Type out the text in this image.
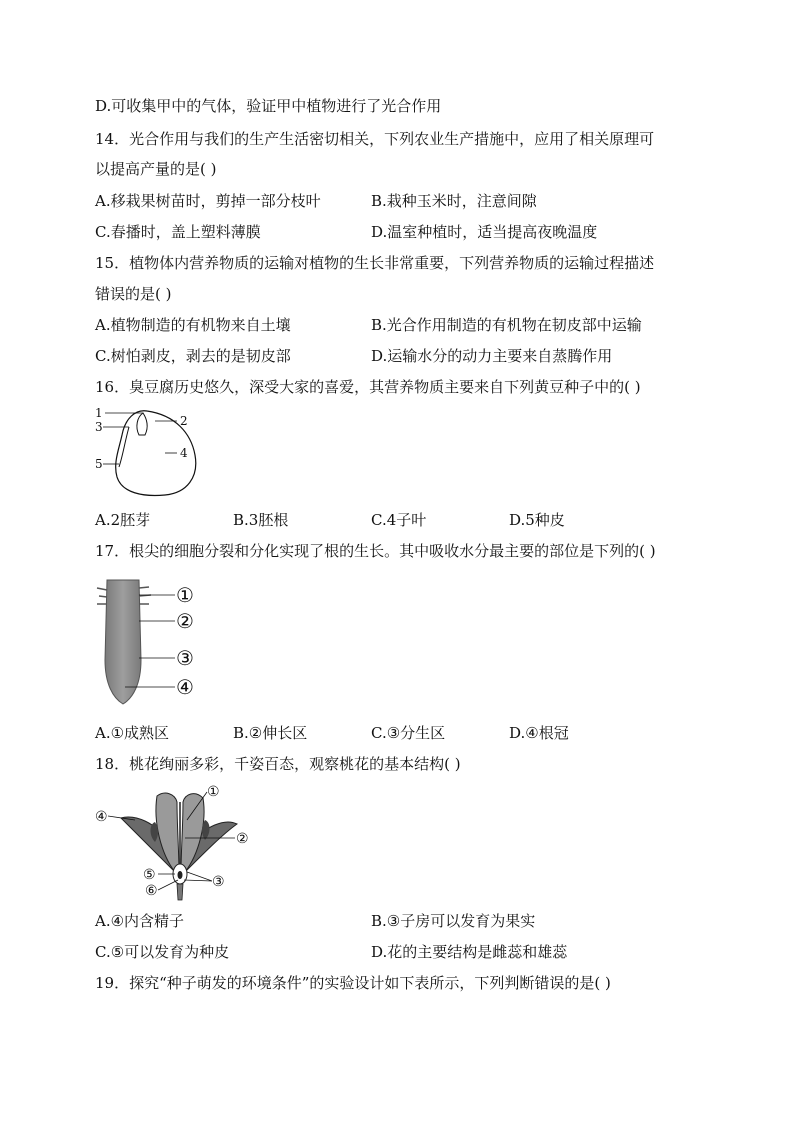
D.可收集甲中的气体，验证甲中植物进行了光合作用
14．光合作用与我们的生产生活密切相关，下列农业生产措施中，应用了相关原理可
以提高产量的是( )
A.移栽果树苗时，剪掉一部分枝叶	B.栽种玉米时，注意间隙
C.春播时，盖上塑料薄膜	D.温室种植时，适当提高夜晚温度
15．植物体内营养物质的运输对植物的生长非常重要，下列营养物质的运输过程描述
错误的是( )
A.植物制造的有机物来自土壤	B.光合作用制造的有机物在韧皮部中运输
C.树怕剥皮，剥去的是韧皮部	D.运输水分的动力主要来自蒸腾作用
16．臭豆腐历史悠久，深受大家的喜爱，其营养物质主要来自下列黄豆种子中的( )
1
2
3
4
5
A.2胚芽	B.3胚根	C.4子叶	D.5种皮
17．根尖的细胞分裂和分化实现了根的生长。其中吸收水分最主要的部位是下列的( )
①
②
③
④
A.①成熟区	B.②伸长区	C.③分生区	D.④根冠
18．桃花绚丽多彩，千姿百态，观察桃花的基本结构( )
①
②
③
④
⑤
⑥
A.④内含精子	B.③子房可以发育为果实
C.⑤可以发育为种皮	D.花的主要结构是雌蕊和雄蕊
19．探究“种子萌发的环境条件”的实验设计如下表所示，下列判断错误的是( )
